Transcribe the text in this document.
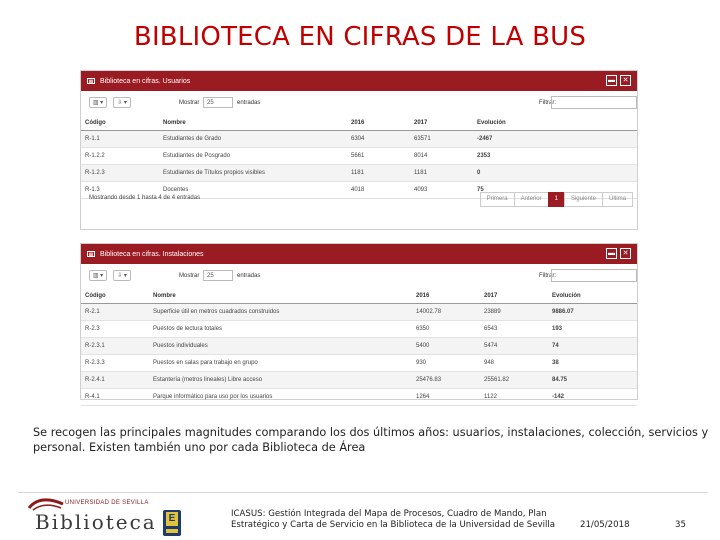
BIBLIOTECA EN CIFRAS DE LA BUS
▦ Biblioteca en cifras. Usuarios	▬	✕
▥ ▾	⇩ ▾	Mostrar	25	entradas	Filtrar:
Código	Nombre	2016	2017	Evolución
R-1.1	Estudiantes de Grado	6304	63571	-2467
R-1.2.2	Estudiantes de Posgrado	5661	8014	2353
R-1.2.3	Estudiantes de Títulos propios visibles	1181	1181	0
R-1.3	Docentes	4018	4093	75
Mostrando desde 1 hasta 4 de 4 entradas	Primera	Anterior	1	Siguiente	Última
▦ Biblioteca en cifras. Instalaciones	▬	✕
▥ ▾	⇩ ▾	Mostrar	25	entradas	Filtrar:
Código	Nombre	2016	2017	Evolución
R-2.1	Superficie útil en metros cuadrados construidos	14002.78	23889	9886.07
R-2.3	Puestos de lectura totales	6350	6543	193
R-2.3.1	Puestos individuales	5400	5474	74
R-2.3.3	Puestos en salas para trabajo en grupo	930	948	38
R-2.4.1	Estantería (metros lineales) Libre acceso	25476.83	25561.82	84.75
R-4.1	Parque informático para uso por los usuarios	1264	1122	-142
Se recogen las principales magnitudes comparando los dos últimos años: usuarios, instalaciones, colección, servicios y personal. Existen también uno por cada Biblioteca de Área
UNIVERSIDAD DE SEVILLA
Biblioteca E	ICASUS: Gestión Integrada del Mapa de Procesos, Cuadro de Mando, Plan Estratégico y Carta de Servicio en la Biblioteca de la Universidad de Sevilla	21/05/2018	35
